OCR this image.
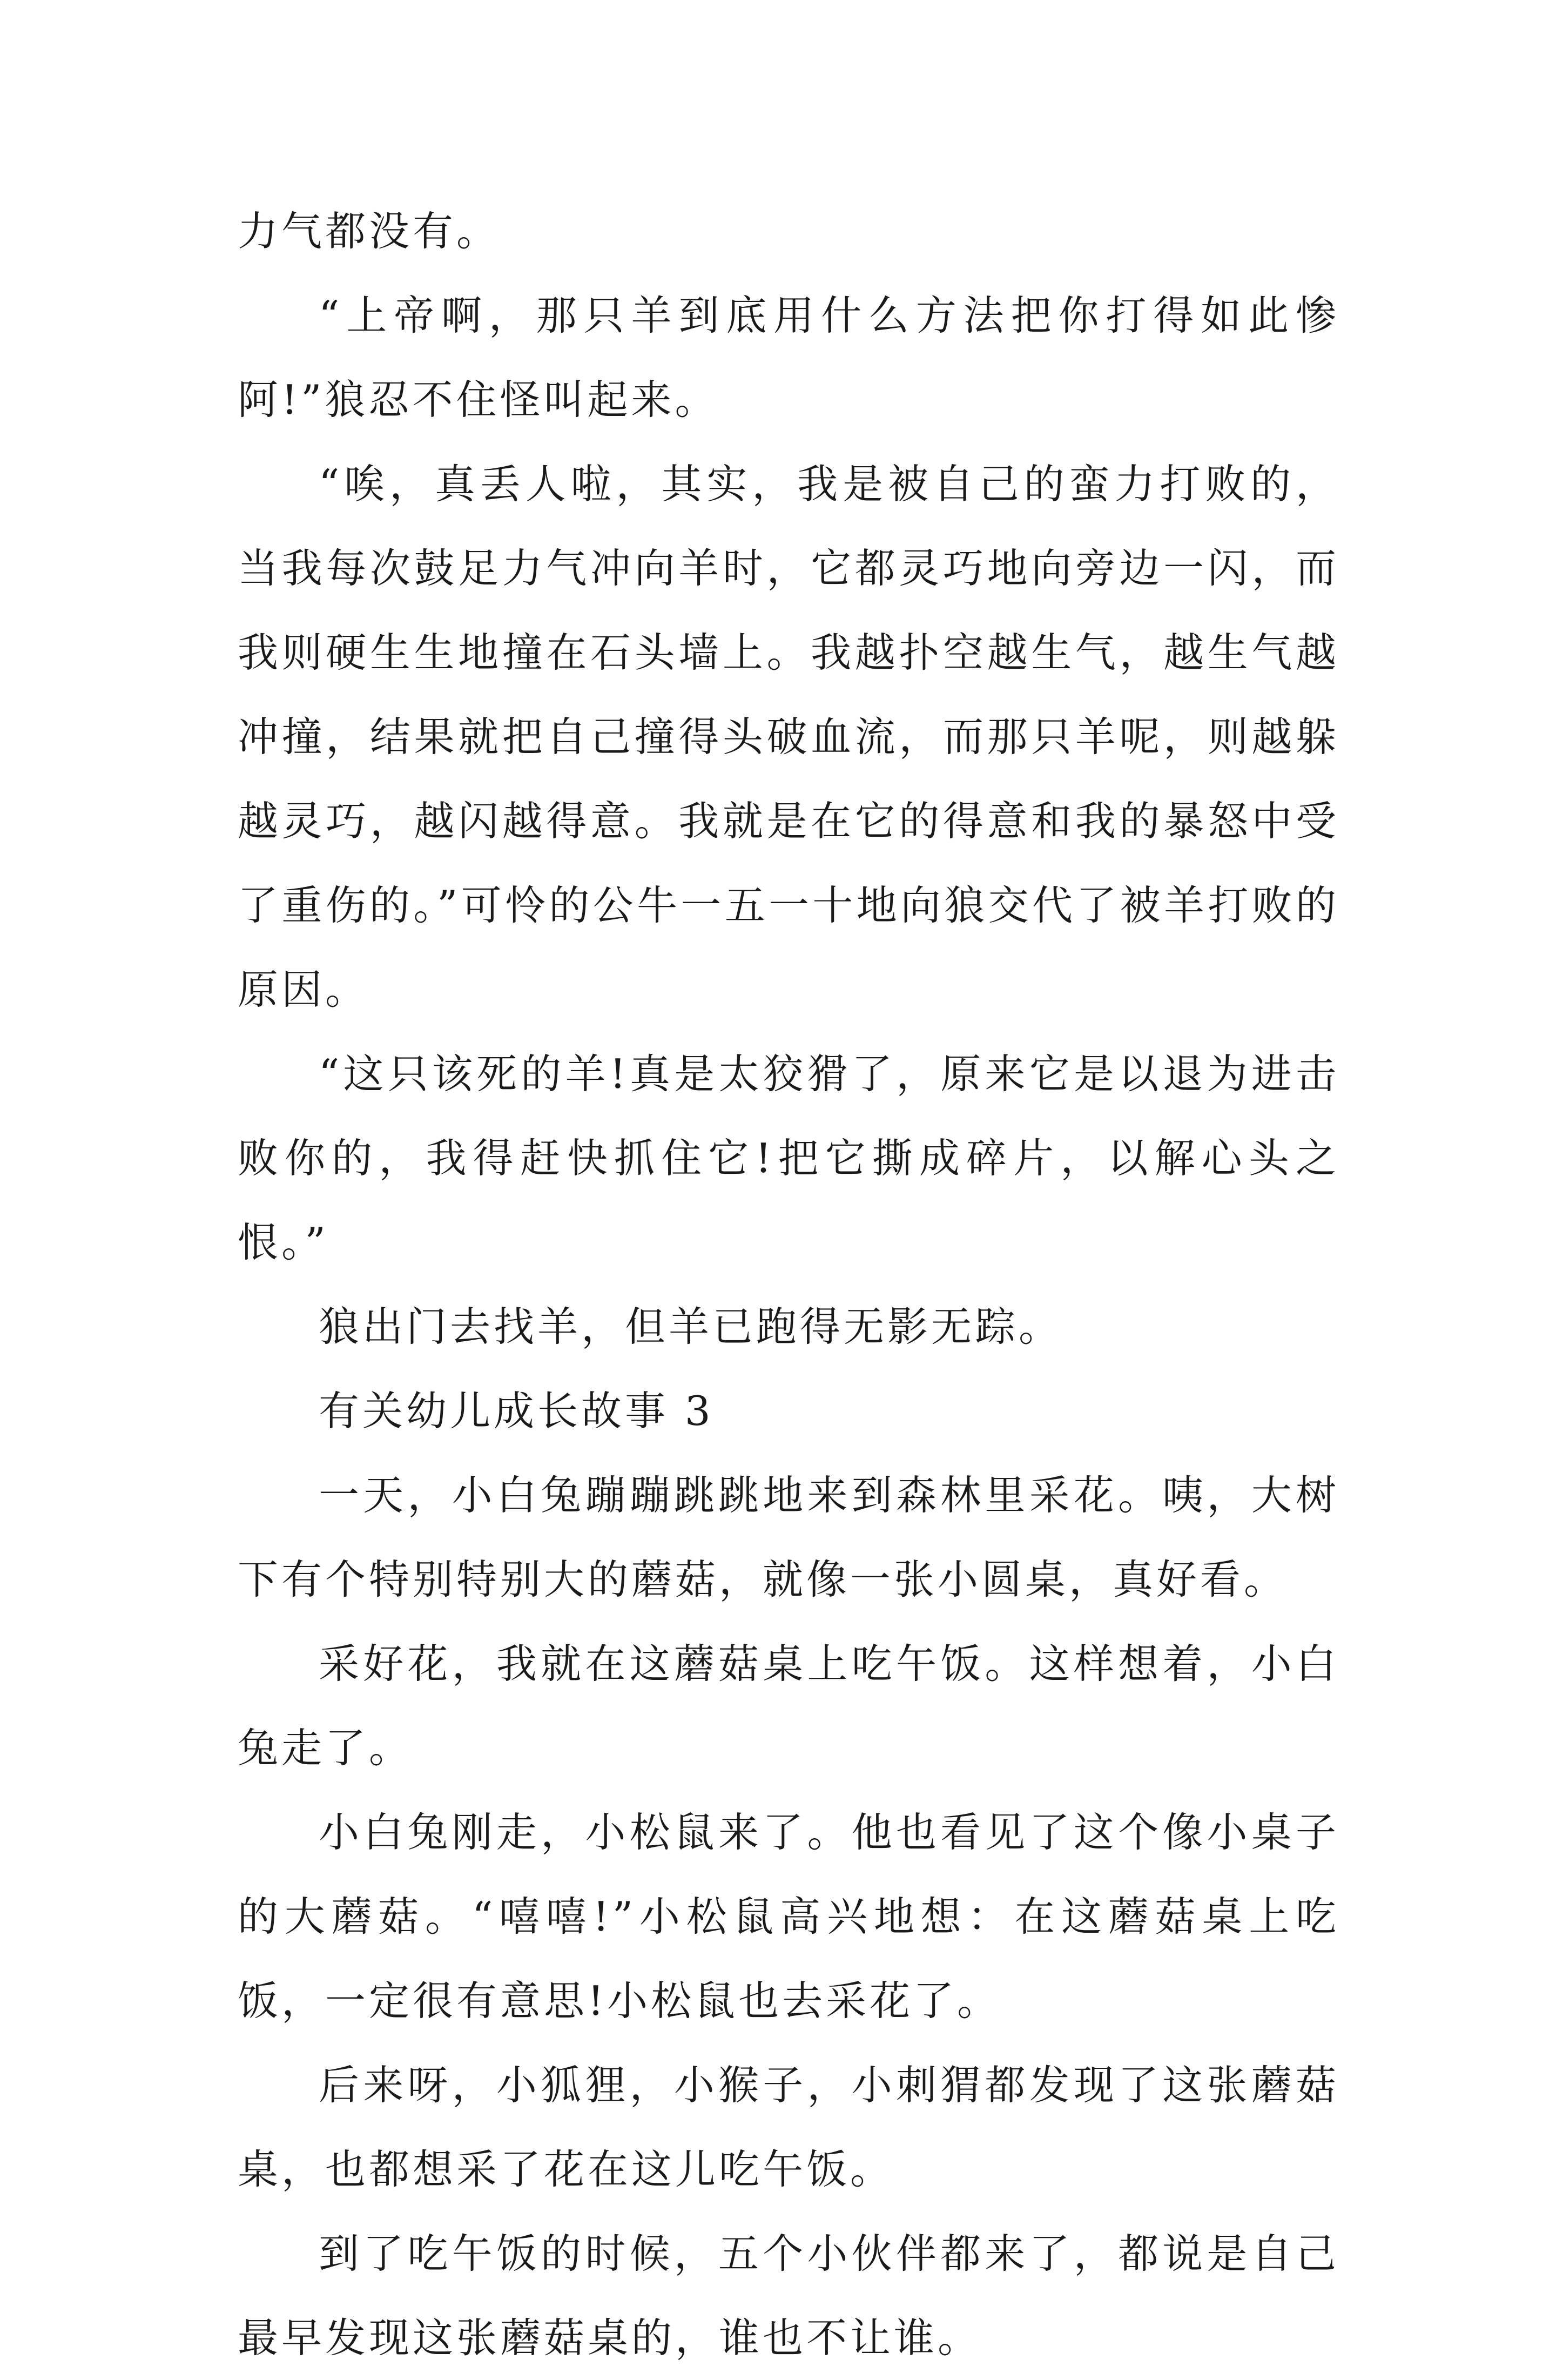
力气都没有。

“上帝啊，那只羊到底用什么方法把你打得如此惨阿!”狼忍不住怪叫起来。

“唉，真丢人啦，其实，我是被自己的蛮力打败的，当我每次鼓足力气冲向羊时，它都灵巧地向旁边一闪，而我则硬生生地撞在石头墙上。我越扑空越生气，越生气越冲撞，结果就把自己撞得头破血流，而那只羊呢，则越躲越灵巧，越闪越得意。我就是在它的得意和我的暴怒中受了重伤的。”可怜的公牛一五一十地向狼交代了被羊打败的原因。

“这只该死的羊!真是太狡猾了，原来它是以退为进击败你的，我得赶快抓住它!把它撕成碎片，以解心头之恨。”

狼出门去找羊，但羊已跑得无影无踪。

有关幼儿成长故事 3

一天，小白兔蹦蹦跳跳地来到森林里采花。咦，大树下有个特别特别大的蘑菇，就像一张小圆桌，真好看。

采好花，我就在这蘑菇桌上吃午饭。这样想着，小白兔走了。

小白兔刚走，小松鼠来了。他也看见了这个像小桌子的大蘑菇。“嘻嘻!”小松鼠高兴地想：在这蘑菇桌上吃饭，一定很有意思!小松鼠也去采花了。

后来呀，小狐狸，小猴子，小刺猬都发现了这张蘑菇桌，也都想采了花在这儿吃午饭。

到了吃午饭的时候，五个小伙伴都来了，都说是自己最早发现这张蘑菇桌的，谁也不让谁。
